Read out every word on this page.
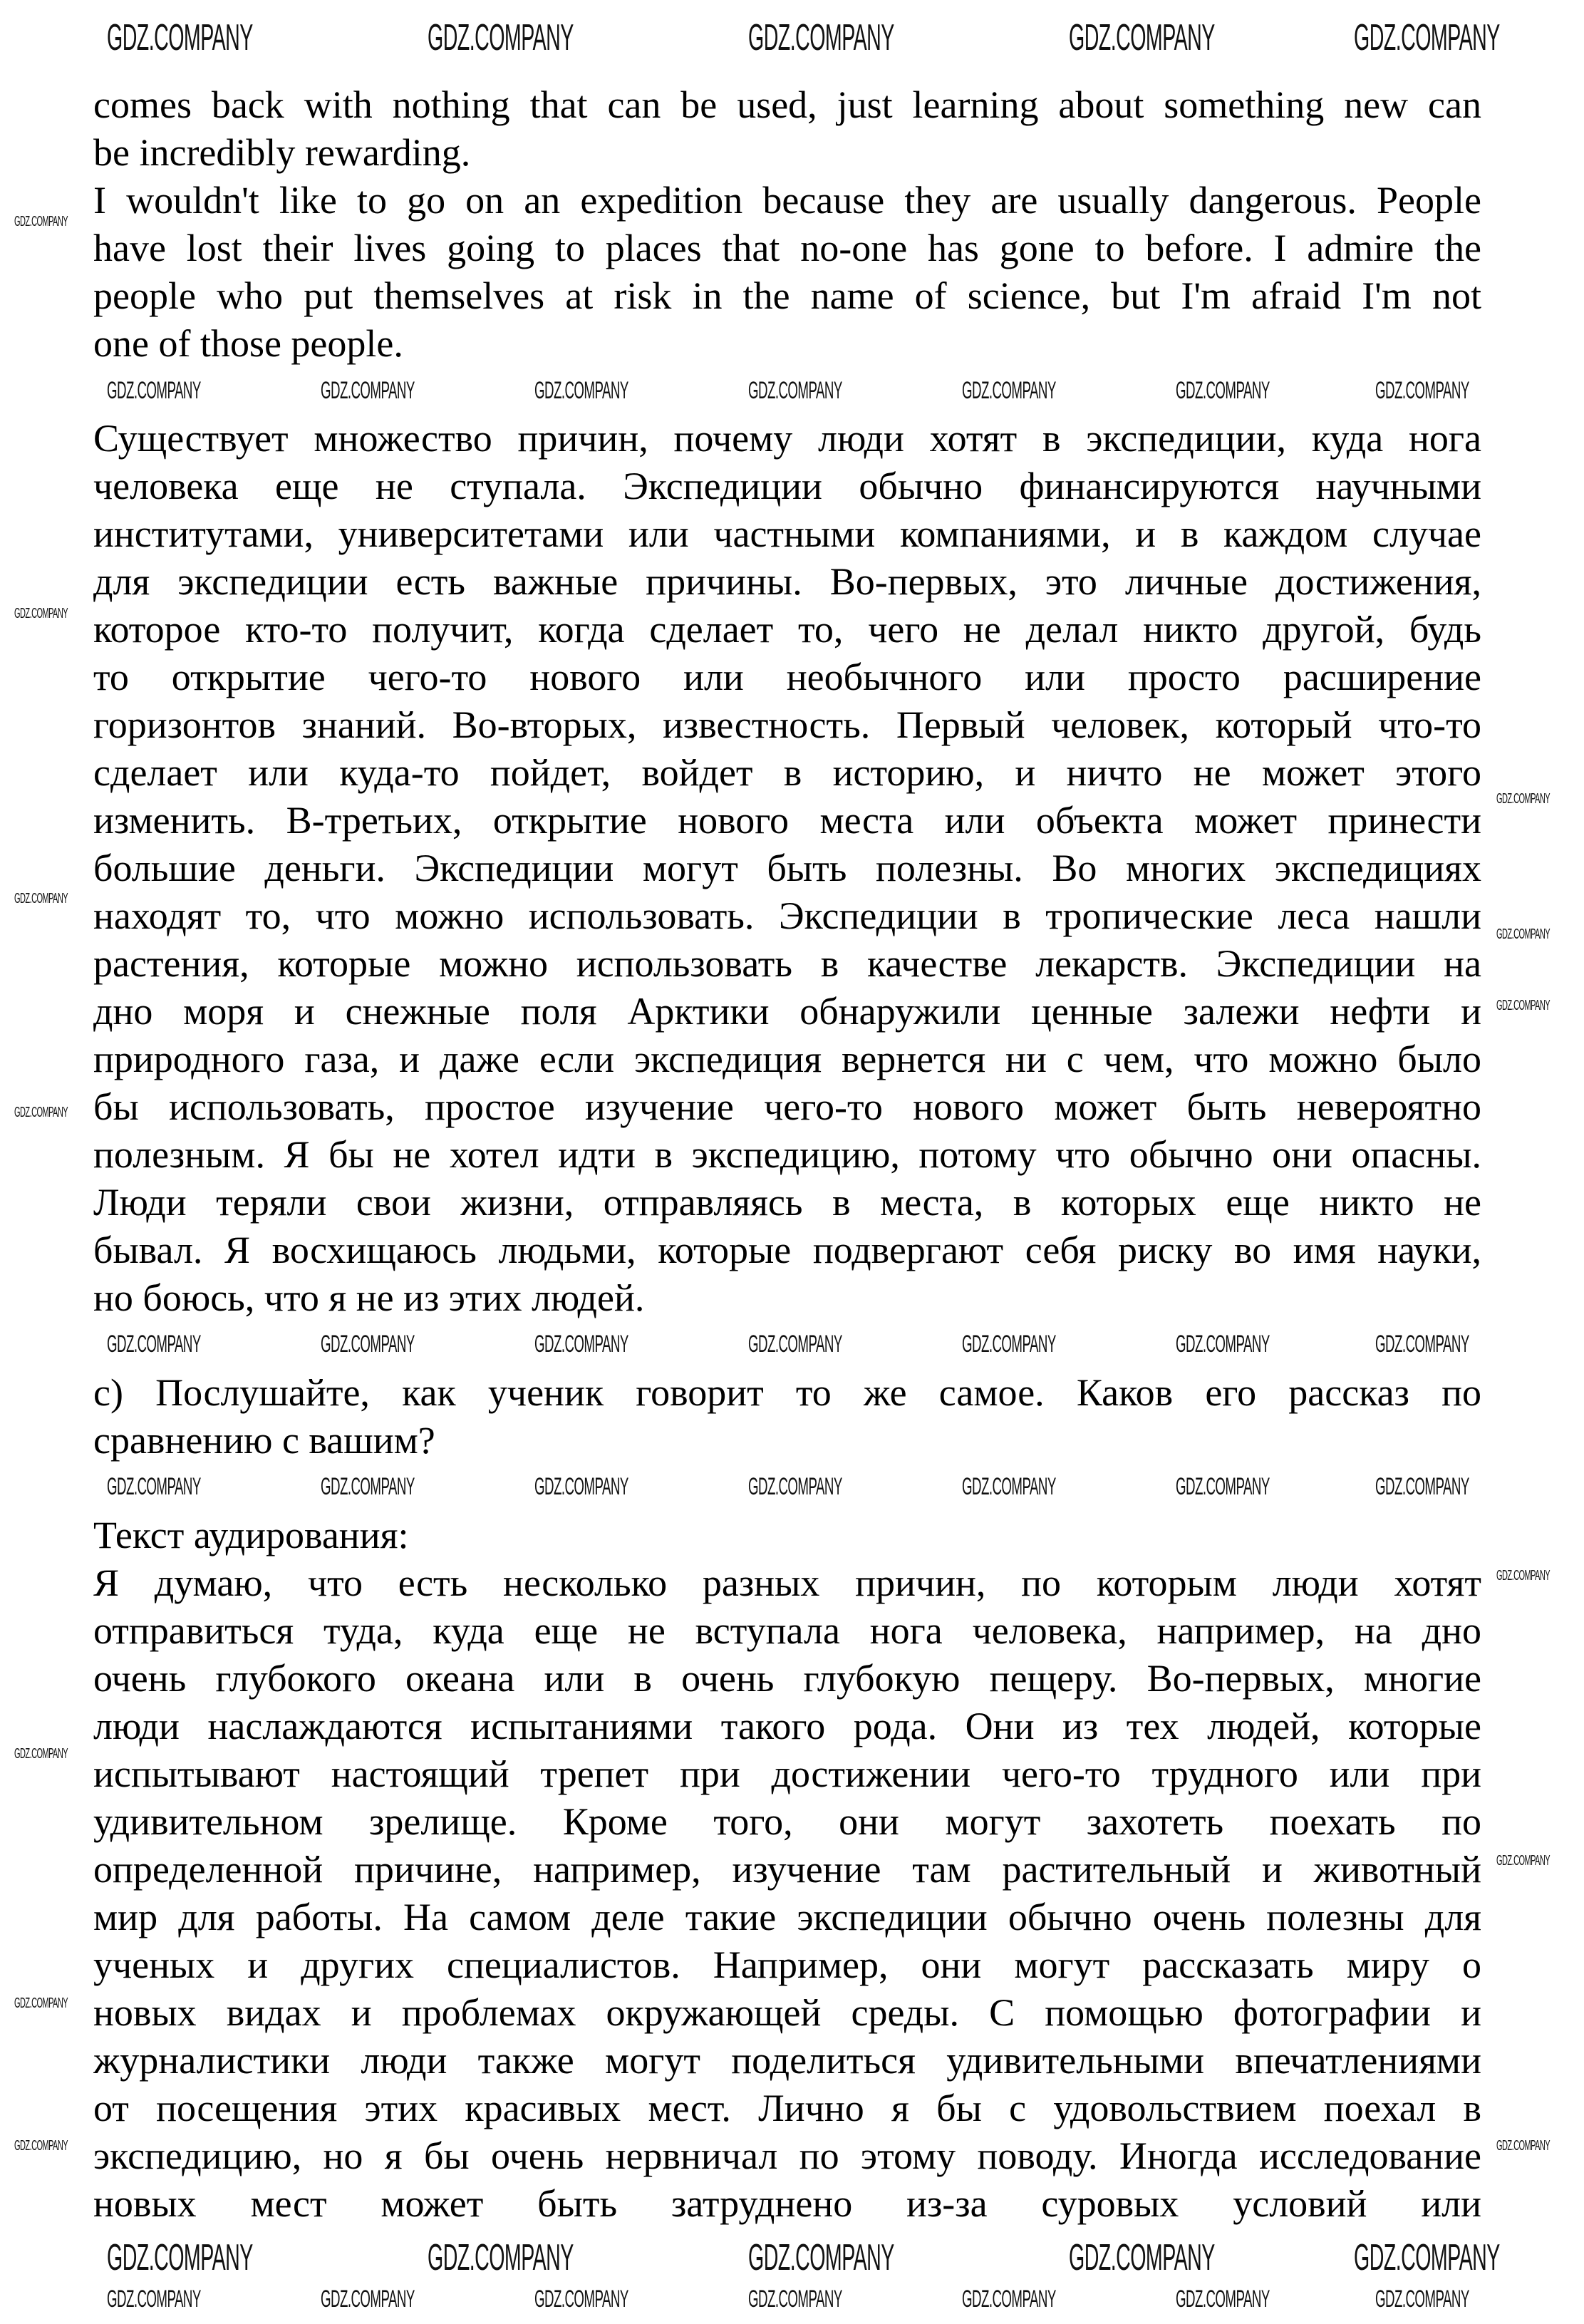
comes back with nothing that can be used, just learning about something new can
be incredibly rewarding.
I wouldn't like to go on an expedition because they are usually dangerous. People
have lost their lives going to places that no-one has gone to before. I admire the
people who put themselves at risk in the name of science, but I'm afraid I'm not
one of those people.
Существует множество причин, почему люди хотят в экспедиции, куда нога
человека еще не ступала. Экспедиции обычно финансируются научными
институтами, университетами или частными компаниями, и в каждом случае
для экспедиции есть важные причины. Во-первых, это личные достижения,
которое кто-то получит, когда сделает то, чего не делал никто другой, будь
то открытие чего-то нового или необычного или просто расширение
горизонтов знаний. Во-вторых, известность. Первый человек, который что-то
сделает или куда-то пойдет, войдет в историю, и ничто не может этого
изменить. В-третьих, открытие нового места или объекта может принести
большие деньги. Экспедиции могут быть полезны. Во многих экспедициях
находят то, что можно использовать. Экспедиции в тропические леса нашли
растения, которые можно использовать в качестве лекарств. Экспедиции на
дно моря и снежные поля Арктики обнаружили ценные залежи нефти и
природного газа, и даже если экспедиция вернется ни с чем, что можно было
бы использовать, простое изучение чего-то нового может быть невероятно
полезным. Я бы не хотел идти в экспедицию, потому что обычно они опасны.
Люди теряли свои жизни, отправляясь в места, в которых еще никто не
бывал. Я восхищаюсь людьми, которые подвергают себя риску во имя науки,
но боюсь, что я не из этих людей.
c) Послушайте, как ученик говорит то же самое. Каков его рассказ по
сравнению с вашим?
Текст аудирования:
Я думаю, что есть несколько разных причин, по которым люди хотят
отправиться туда, куда еще не вступала нога человека, например, на дно
очень глубокого океана или в очень глубокую пещеру. Во-первых, многие
люди наслаждаются испытаниями такого рода. Они из тех людей, которые
испытывают настоящий трепет при достижении чего-то трудного или при
удивительном зрелище. Кроме того, они могут захотеть поехать по
определенной причине, например, изучение там растительный и животный
мир для работы. На самом деле такие экспедиции обычно очень полезны для
ученых и других специалистов. Например, они могут рассказать миру о
новых видах и проблемах окружающей среды. С помощью фотографии и
журналистики люди также могут поделиться удивительными впечатлениями
от посещения этих красивых мест. Лично я бы с удовольствием поехал в
экспедицию, но я бы очень нервничал по этому поводу. Иногда исследование
новых мест может быть затруднено из-за суровых условий или
GDZ.COMPANY	GDZ.COMPANY	GDZ.COMPANY	GDZ.COMPANY	GDZ.COMPANY
GDZ.COMPANY	GDZ.COMPANY	GDZ.COMPANY	GDZ.COMPANY	GDZ.COMPANY	GDZ.COMPANY	GDZ.COMPANY
GDZ.COMPANY	GDZ.COMPANY	GDZ.COMPANY	GDZ.COMPANY	GDZ.COMPANY	GDZ.COMPANY	GDZ.COMPANY
GDZ.COMPANY	GDZ.COMPANY	GDZ.COMPANY	GDZ.COMPANY	GDZ.COMPANY	GDZ.COMPANY	GDZ.COMPANY
GDZ.COMPANY	GDZ.COMPANY	GDZ.COMPANY	GDZ.COMPANY	GDZ.COMPANY
GDZ.COMPANY	GDZ.COMPANY	GDZ.COMPANY	GDZ.COMPANY	GDZ.COMPANY	GDZ.COMPANY	GDZ.COMPANY
GDZ.COMPANY
GDZ.COMPANY
GDZ.COMPANY
GDZ.COMPANY
GDZ.COMPANY
GDZ.COMPANY
GDZ.COMPANY
GDZ.COMPANY
GDZ.COMPANY
GDZ.COMPANY
GDZ.COMPANY
GDZ.COMPANY
GDZ.COMPANY
